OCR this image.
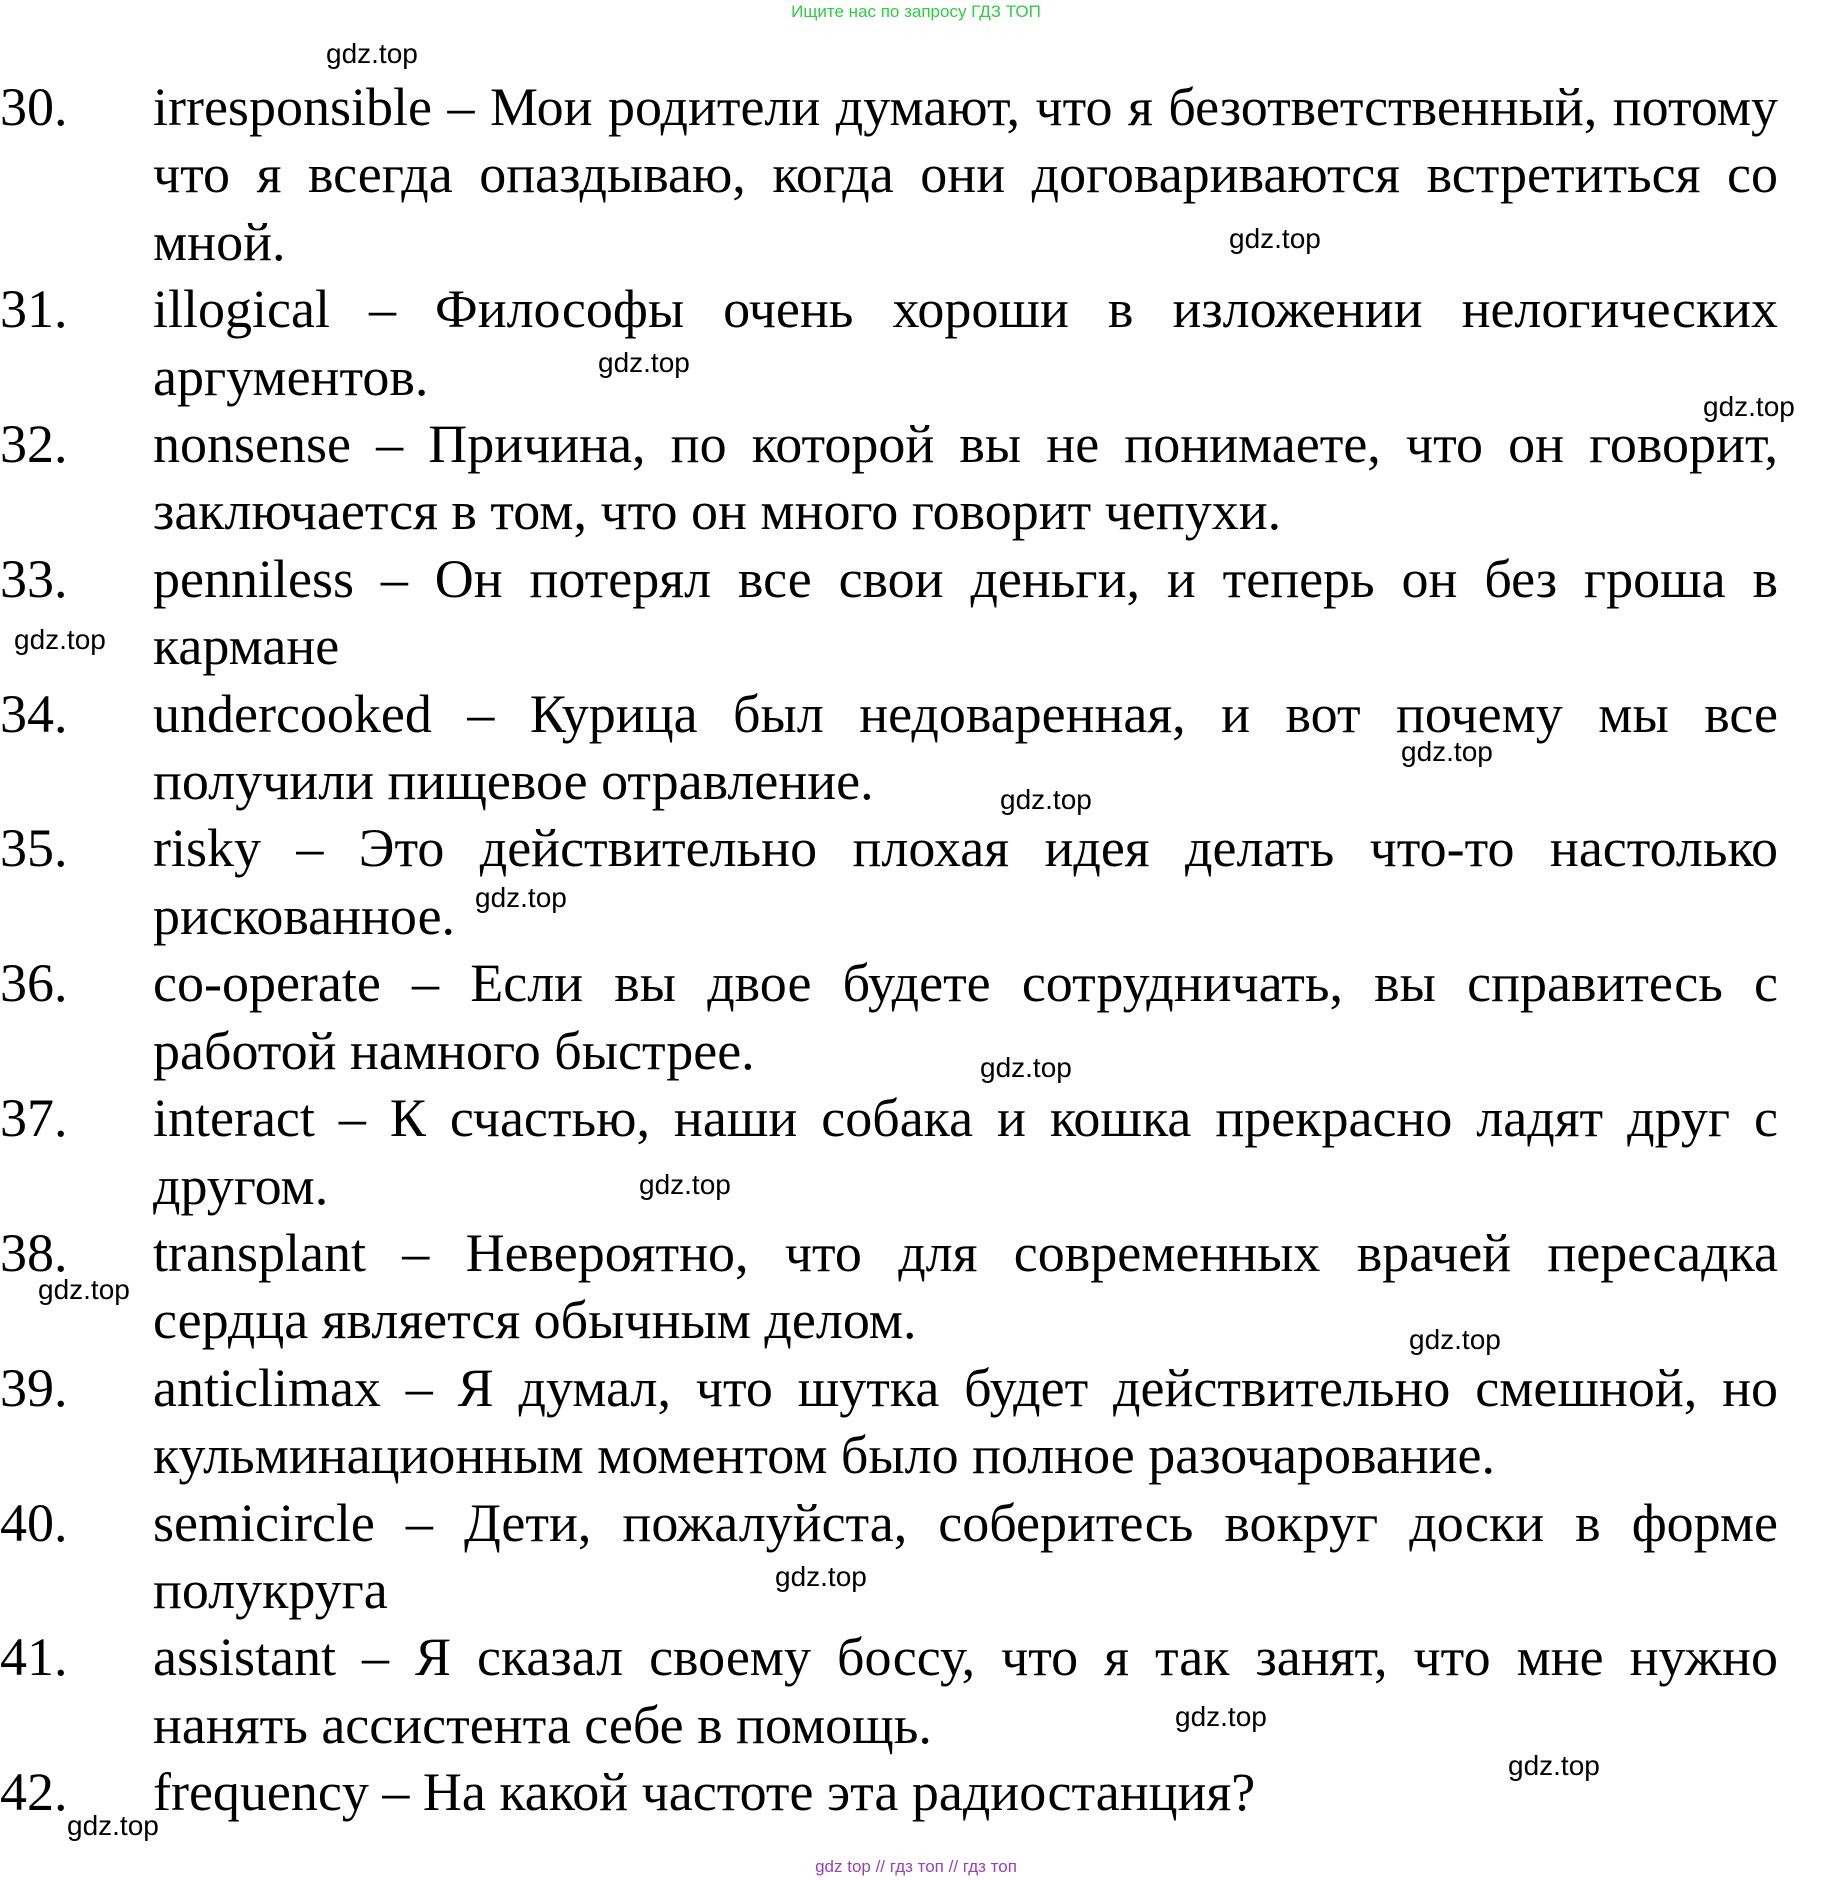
Ищите нас по запросу ГДЗ ТОП
30.	irresponsible – Мои родители думают, что я безответственный, потому что я всегда опаздываю, когда они договариваются встретиться со мной.
31.	illogical – Философы очень хороши в изложении нелогических аргументов.
32.	nonsense – Причина, по которой вы не понимаете, что он говорит, заключается в том, что он много говорит чепухи.
33.	penniless – Он потерял все свои деньги, и теперь он без гроша в кармане
34.	undercooked – Курица был недоваренная, и вот почему мы все получили пищевое отравление.
35.	risky – Это действительно плохая идея делать что-то настолько рискованное.
36.	co-operate – Если вы двое будете сотрудничать, вы справитесь с работой намного быстрее.
37.	interact – К счастью, наши собака и кошка прекрасно ладят друг с другом.
38.	transplant – Невероятно, что для современных врачей пересадка сердца является обычным делом.
39.	anticlimax – Я думал, что шутка будет действительно смешной, но кульминационным моментом было полное разочарование.
40.	semicircle – Дети, пожалуйста, соберитесь вокруг доски в форме полукруга
41.	assistant – Я сказал своему боссу, что я так занят, что мне нужно нанять ассистента себе в помощь.
42.	frequency – На какой частоте эта радиостанция?
gdz.top
gdz.top
gdz.top
gdz.top
gdz.top
gdz.top
gdz.top
gdz.top
gdz.top
gdz.top
gdz.top
gdz.top
gdz.top
gdz.top
gdz.top
gdz.top
gdz top // гдз топ // гдз топ
